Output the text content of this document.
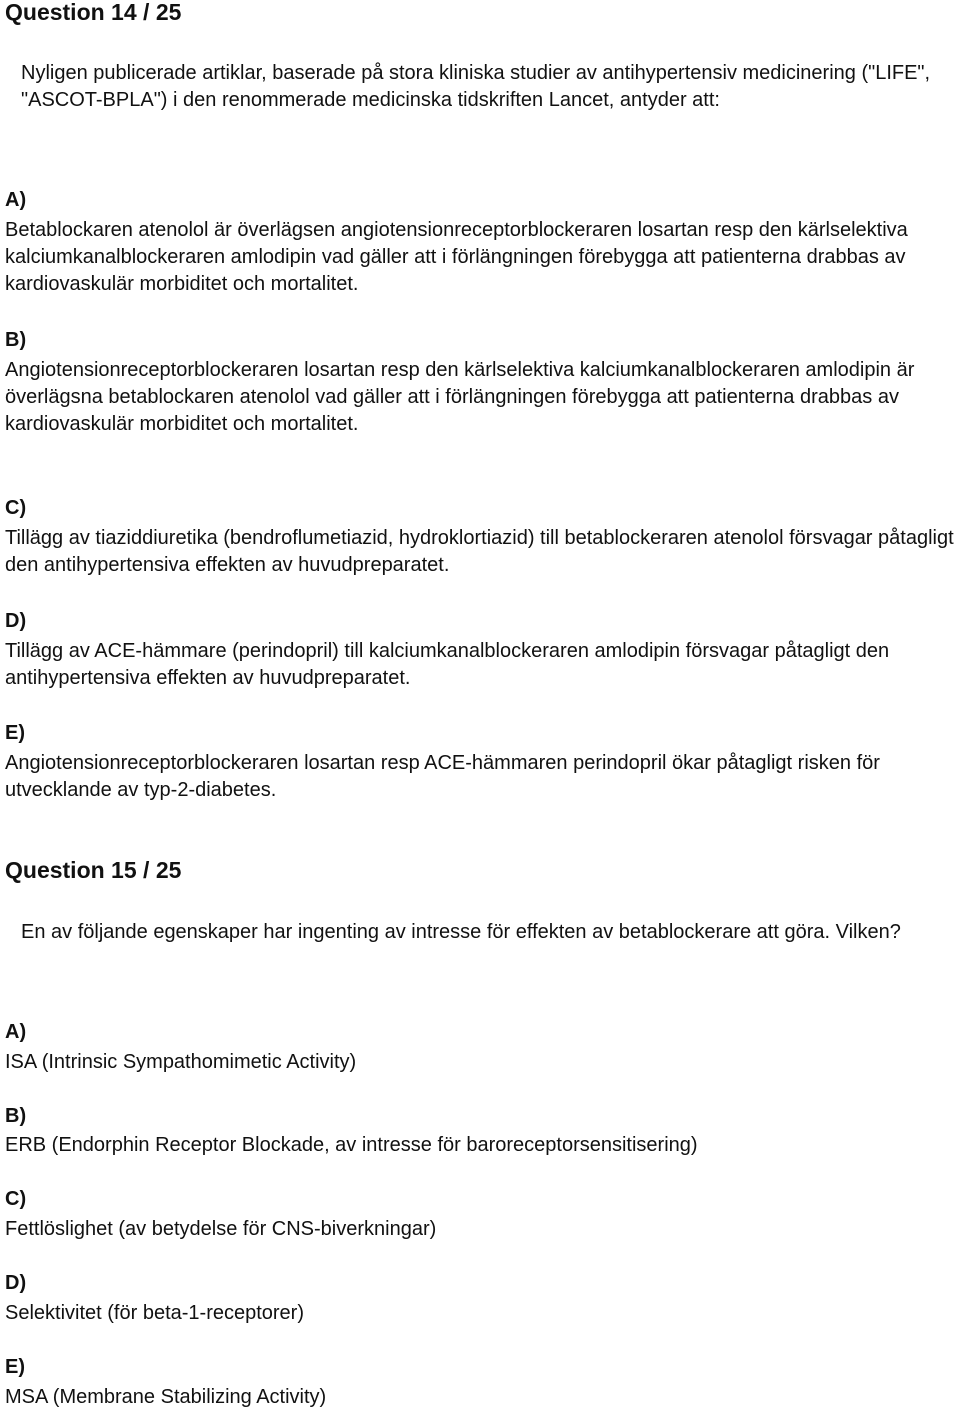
Question 14 / 25

Nyligen publicerade artiklar, baserade på stora kliniska studier av antihypertensiv medicinering ("LIFE", "ASCOT-BPLA") i den renommerade medicinska tidskriften Lancet, antyder att:

A)

Betablockaren atenolol är överlägsen angiotensionreceptorblockeraren losartan resp den kärlselektiva kalciumkanalblockeraren amlodipin vad gäller att i förlängningen förebygga att patienterna drabbas av kardiovaskulär morbiditet och mortalitet.

B)

Angiotensionreceptorblockeraren losartan resp den kärlselektiva kalciumkanalblockeraren amlodipin är överlägsna betablockaren atenolol vad gäller att i förlängningen förebygga att patienterna drabbas av kardiovaskulär morbiditet och mortalitet.

C)

Tillägg av tiaziddiuretika (bendroflumetiazid, hydroklortiazid) till betablockeraren atenolol försvagar påtagligt den antihypertensiva effekten av huvudpreparatet.

D)

Tillägg av ACE-hämmare (perindopril) till kalciumkanalblockeraren amlodipin försvagar påtagligt den antihypertensiva effekten av huvudpreparatet.

E)

Angiotensionreceptorblockeraren losartan resp ACE-hämmaren perindopril ökar påtagligt risken för utvecklande av typ-2-diabetes.

Question 15 / 25

En av följande egenskaper har ingenting av intresse för effekten av betablockerare att göra. Vilken?

A)

ISA (Intrinsic Sympathomimetic Activity)

B)

ERB (Endorphin Receptor Blockade, av intresse för baroreceptorsensitisering)

C)

Fettlöslighet (av betydelse för CNS-biverkningar)

D)

Selektivitet (för beta-1-receptorer)

E)

MSA (Membrane Stabilizing Activity)
